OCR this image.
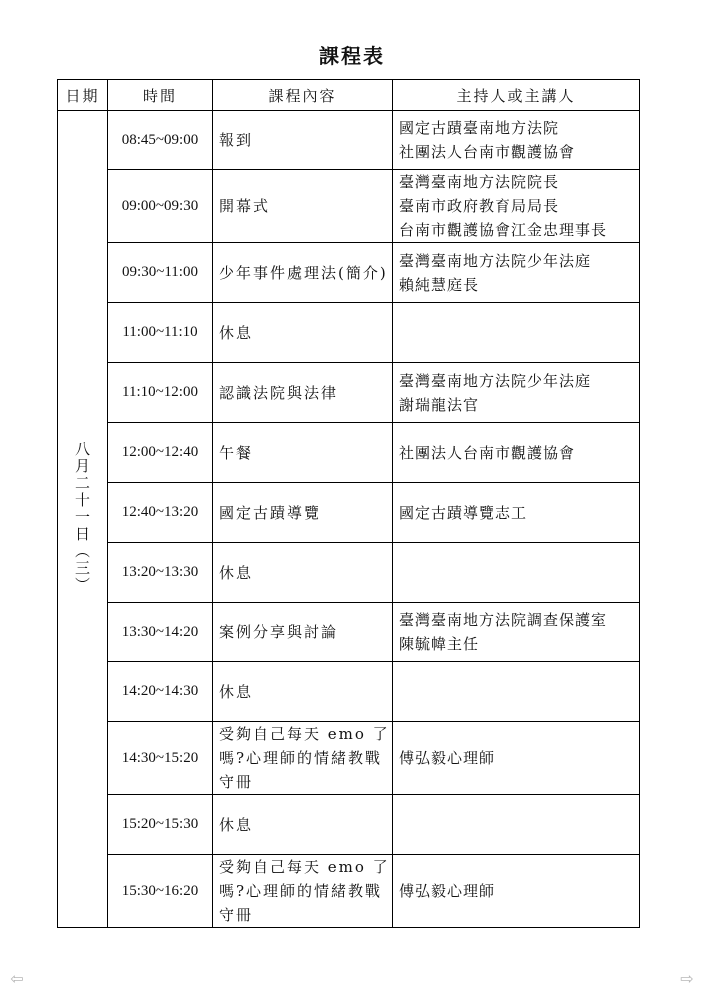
課程表
日期	時間	課程內容	主持人或主講人
八月二十一日（三）	08:45~09:00	報到	國定古蹟臺南地方法院
社團法人台南市觀護協會

	09:00~09:30	開幕式	臺灣臺南地方法院院長
臺南市政府教育局局長
台南市觀護協會江金忠理事長

	09:30~11:00	少年事件處理法(簡介)	臺灣臺南地方法院少年法庭
賴純慧庭長

	11:00~11:10	休息	

	11:10~12:00	認識法院與法律	臺灣臺南地方法院少年法庭
謝瑞龍法官

	12:00~12:40	午餐	社團法人台南市觀護協會

	12:40~13:20	國定古蹟導覽	國定古蹟導覽志工

	13:20~13:30	休息	

	13:30~14:20	案例分享與討論	臺灣臺南地方法院調查保護室
陳毓幃主任

	14:20~14:30	休息	

	14:30~15:20	受夠自己每天 emo 了
嗎?心理師的情緒教戰
守冊	傅弘毅心理師

	15:20~15:30	休息	

	15:30~16:20	受夠自己每天 emo 了
嗎?心理師的情緒教戰
守冊	傅弘毅心理師
⇦	⇨
